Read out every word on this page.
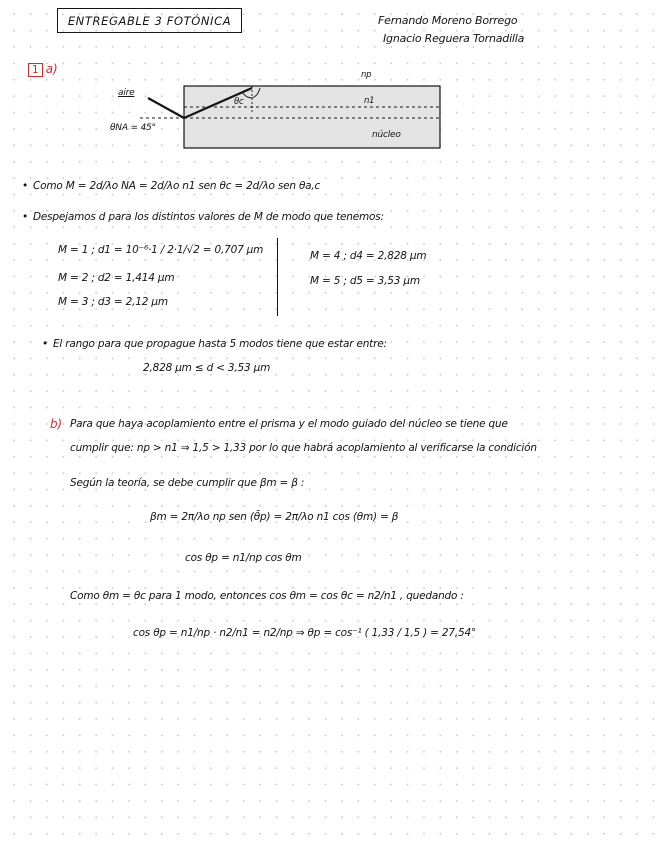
ENTREGABLE 3 FOTÓNICA	Fernando Moreno Borrego
Ignacio Reguera Tornadilla
1 a)
aire
np
n1
núcleo
θNA = 45°
θc
• Como M = 2d/λo NA = 2d/λo n1 sen θc = 2d/λo sen θa,c
• Despejamos d para los distintos valores de M de modo que tenemos:
M = 1 ; d1 = 10⁻⁶·1 / 2·1/√2 = 0,707 µm
M = 2 ; d2 = 1,414 µm
M = 3 ; d3 = 2,12 µm
M = 4 ; d4 = 2,828 µm
M = 5 ; d5 = 3,53 µm
• El rango para que propague hasta 5 modos tiene que estar entre:
2,828 µm ≤ d < 3,53 µm
b) Para que haya acoplamiento entre el prisma y el modo guiado del núcleo se tiene que
cumplir que: np > n1 ⇒ 1,5 > 1,33 por lo que habrá acoplamiento al verificarse la condición
Según la teoría, se debe cumplir que βm = β :
βm = 2π/λo np sen (θ̄p) = 2π/λo n1 cos (θm) = β
cos θp = n1/np cos θm
Como θm = θc para 1 modo, entonces cos θm = cos θc = n2/n1 , quedando :
cos θp = n1/np · n2/n1 = n2/np ⇒ θp = cos⁻¹ ( 1,33 / 1,5 ) = 27,54°
